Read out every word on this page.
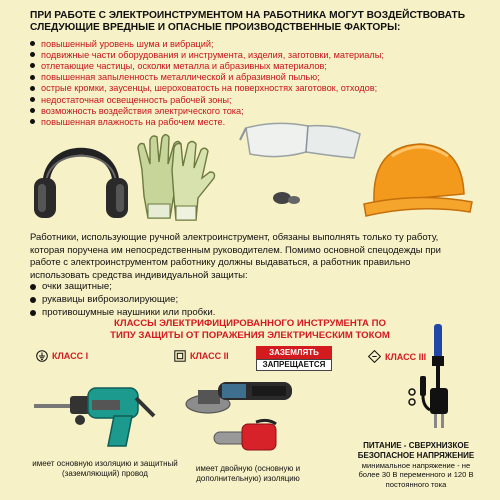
ПРИ РАБОТЕ С ЭЛЕКТРОИНСТРУМЕНТОМ НА РАБОТНИКА МОГУТ ВОЗДЕЙСТВОВАТЬ СЛЕДУЮЩИЕ ВРЕДНЫЕ И ОПАСНЫЕ ПРОИЗВОДСТВЕННЫЕ ФАКТОРЫ:
повышенный уровень шума и вибраций;
подвижные части оборудования и инструмента, изделия, заготовки, материалы;
отлетающие частицы, осколки металла и абразивных материалов;
повышенная запыленность металлической и абразивной пылью;
острые кромки, заусенцы, шероховатость на поверхностях заготовок, отходов;
недостаточная освещенность рабочей зоны;
возможность воздействия электрического тока;
повышенная влажность на рабочем месте.
Работники, использующие ручной электроинструмент, обязаны выполнять только ту работу, которая поручена им непосредственным руководителем. Помимо основной спецодежды при работе с электроинструментом работнику должны выдаваться, а работник правильно использовать средства индивидуальной защиты:
очки защитные;
рукавицы виброизолирующие;
противошумные наушники или пробки.
КЛАССЫ ЭЛЕКТРИФИЦИРОВАННОГО ИНСТРУМЕНТА ПО ТИПУ ЗАЩИТЫ ОТ ПОРАЖЕНИЯ ЭЛЕКТРИЧЕСКИМ ТОКОМ
КЛАСС I	КЛАСС II	ЗАЗЕМЛЯТЬ
ЗАПРЕЩАЕТСЯ
КЛАСС III
имеет основную изоляцию и защитный (заземляющий) провод
имеет двойную (основную и дополнительную) изоляцию
ПИТАНИЕ - СВЕРХНИЗКОЕ БЕЗОПАСНОЕ НАПРЯЖЕНИЕ
минимальное напряжение - не более 30 В переменного и 120 В постоянного тока
